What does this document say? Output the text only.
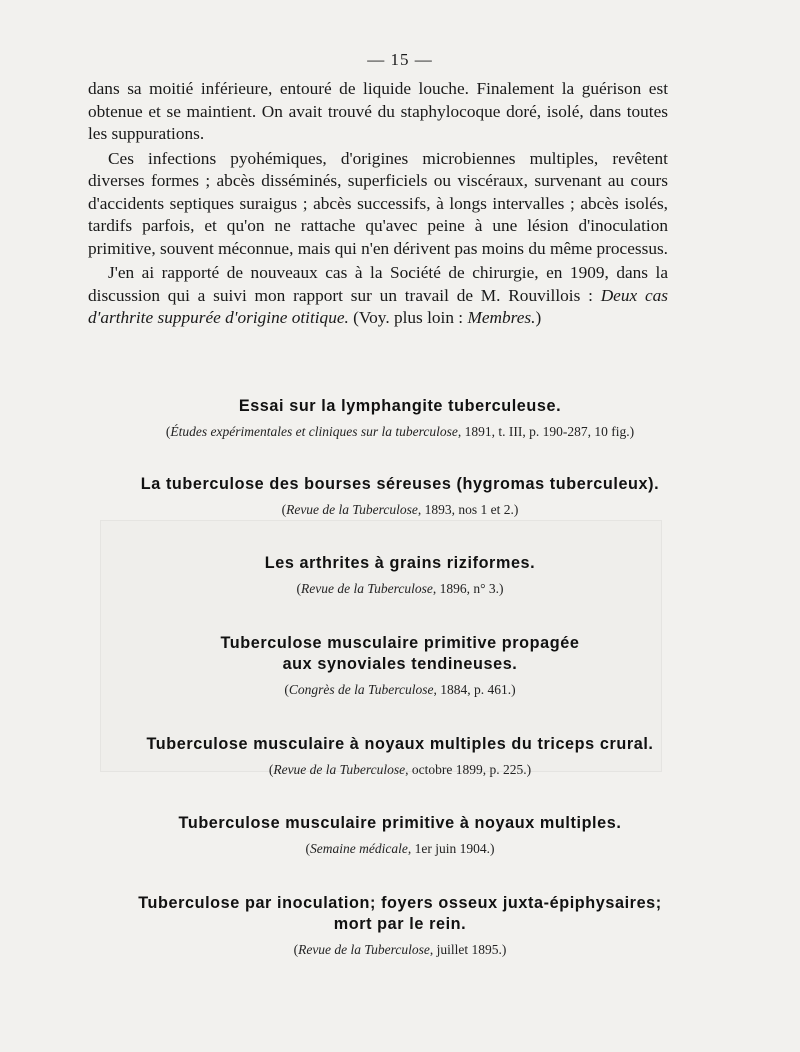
— 15 —

dans sa moitié inférieure, entouré de liquide louche. Finalement la guérison est obtenue et se maintient. On avait trouvé du staphylocoque doré, isolé, dans toutes les suppurations.

Ces infections pyohémiques, d'origines microbiennes multiples, revêtent diverses formes ; abcès disséminés, superficiels ou viscéraux, survenant au cours d'accidents septiques suraigus ; abcès successifs, à longs intervalles ; abcès isolés, tardifs parfois, et qu'on ne rattache qu'avec peine à une lésion d'inoculation primitive, souvent méconnue, mais qui n'en dérivent pas moins du même processus.

J'en ai rapporté de nouveaux cas à la Société de chirurgie, en 1909, dans la discussion qui a suivi mon rapport sur un travail de M. Rouvillois : Deux cas d'arthrite suppurée d'origine otitique. (Voy. plus loin : Membres.)

Essai sur la lymphangite tuberculeuse.
(Études expérimentales et cliniques sur la tuberculose, 1891, t. III, p. 190-287, 10 fig.)
La tuberculose des bourses séreuses (hygromas tuberculeux).
(Revue de la Tuberculose, 1893, nos 1 et 2.)
Les arthrites à grains riziformes.
(Revue de la Tuberculose, 1896, n° 3.)
Tuberculose musculaire primitive propagée
aux synoviales tendineuses.
(Congrès de la Tuberculose, 1884, p. 461.)
Tuberculose musculaire à noyaux multiples du triceps crural.
(Revue de la Tuberculose, octobre 1899, p. 225.)
Tuberculose musculaire primitive à noyaux multiples.
(Semaine médicale, 1er juin 1904.)
Tuberculose par inoculation; foyers osseux juxta-épiphysaires;
mort par le rein.
(Revue de la Tuberculose, juillet 1895.)
